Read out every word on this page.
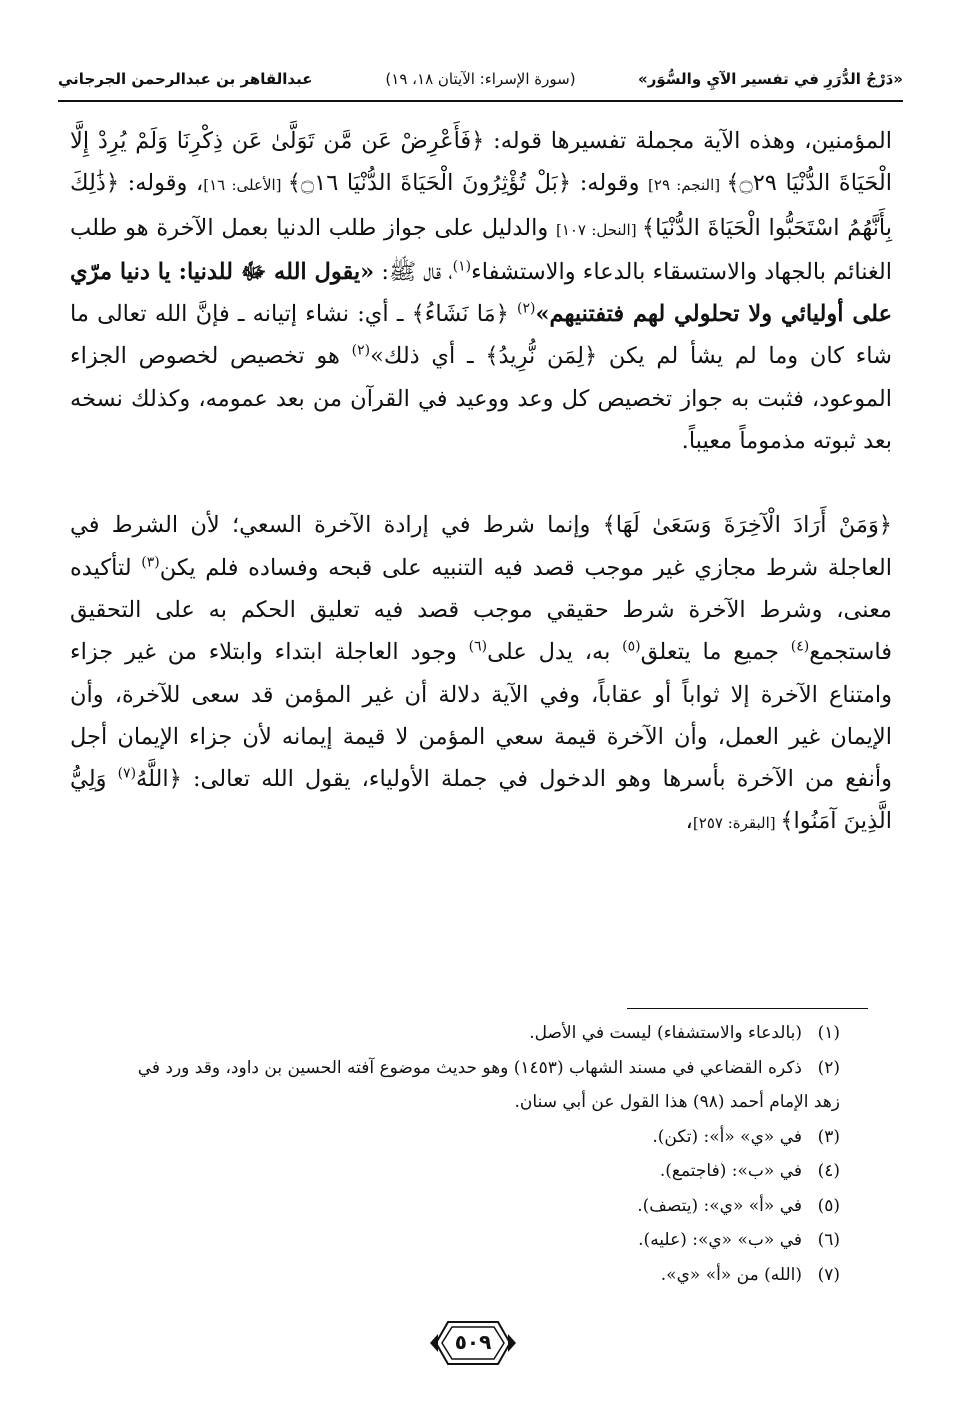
«دَرْجُ الدُّرَرِ في تفسير الآيِ والسُّوَر»
(سورة الإسراء: الآيتان ١٨، ١٩)
عبدالقاهر بن عبدالرحمن الجرجاني

المؤمنين، وهذه الآية مجملة تفسيرها قوله: ﴿فَأَعْرِضْ عَن مَّن تَوَلَّىٰ عَن ذِكْرِنَا وَلَمْ يُرِدْ إِلَّا الْحَيَاةَ الدُّنْيَا ۝٢٩﴾ [النجم: ٢٩] وقوله: ﴿بَلْ تُؤْثِرُونَ الْحَيَاةَ الدُّنْيَا ۝١٦﴾ [الأعلى: ١٦]، وقوله: ﴿ذَٰلِكَ بِأَنَّهُمُ اسْتَحَبُّوا الْحَيَاةَ الدُّنْيَا﴾ [النحل: ١٠٧] والدليل على جواز طلب الدنيا بعمل الآخرة هو طلب الغنائم بالجهاد والاستسقاء بالدعاء والاستشفاء$^{(١)}$، قال ﷺ: «يقول الله ﷻ للدنيا: يا دنيا مرّي على أوليائي ولا تحلولي لهم فتفتنيهم»$^{(٢)}$ ﴿مَا نَشَاءُ﴾ ـ أي: نشاء إتيانه ـ فإنَّ الله تعالى ما شاء كان وما لم يشأ لم يكن ﴿لِمَن نُّرِيدُ﴾ ـ أي ذلك»$^{(٢)}$ هو تخصيص لخصوص الجزاء الموعود، فثبت به جواز تخصيص كل وعد ووعيد في القرآن من بعد عمومه، وكذلك نسخه بعد ثبوته مذموماً معيباً.

﴿وَمَنْ أَرَادَ الْآخِرَةَ وَسَعَىٰ لَهَا﴾ وإنما شرط في إرادة الآخرة السعي؛ لأن الشرط في العاجلة شرط مجازي غير موجب قصد فيه التنبيه على قبحه وفساده فلم يكن$^{(٣)}$ لتأكيده معنى، وشرط الآخرة شرط حقيقي موجب قصد فيه تعليق الحكم به على التحقيق فاستجمع$^{(٤)}$ جميع ما يتعلق$^{(٥)}$ به، يدل على$^{(٦)}$ وجود العاجلة ابتداء وابتلاء من غير جزاء وامتناع الآخرة إلا ثواباً أو عقاباً، وفي الآية دلالة أن غير المؤمن قد سعى للآخرة، وأن الإيمان غير العمل، وأن الآخرة قيمة سعي المؤمن لا قيمة إيمانه لأن جزاء الإيمان أجل وأنفع من الآخرة بأسرها وهو الدخول في جملة الأولياء، يقول الله تعالى: ﴿اللَّهُ$^{(٧)}$ وَلِيُّ الَّذِينَ آمَنُوا﴾ [البقرة: ٢٥٧]،

(١)(بالدعاء والاستشفاء) ليست في الأصل.

(٢)ذكره القضاعي في مسند الشهاب (١٤٥٣) وهو حديث موضوع آفته الحسين بن داود، وقد ورد في زهد الإمام أحمد (٩٨) هذا القول عن أبي سنان.

(٣)في «ي» «أ»: (تكن).

(٤)في «ب»: (فاجتمع).

(٥)في «أ» «ي»: (يتصف).

(٦)في «ب» «ي»: (عليه).

(٧)(الله) من «أ» «ي».

٥٠٩
